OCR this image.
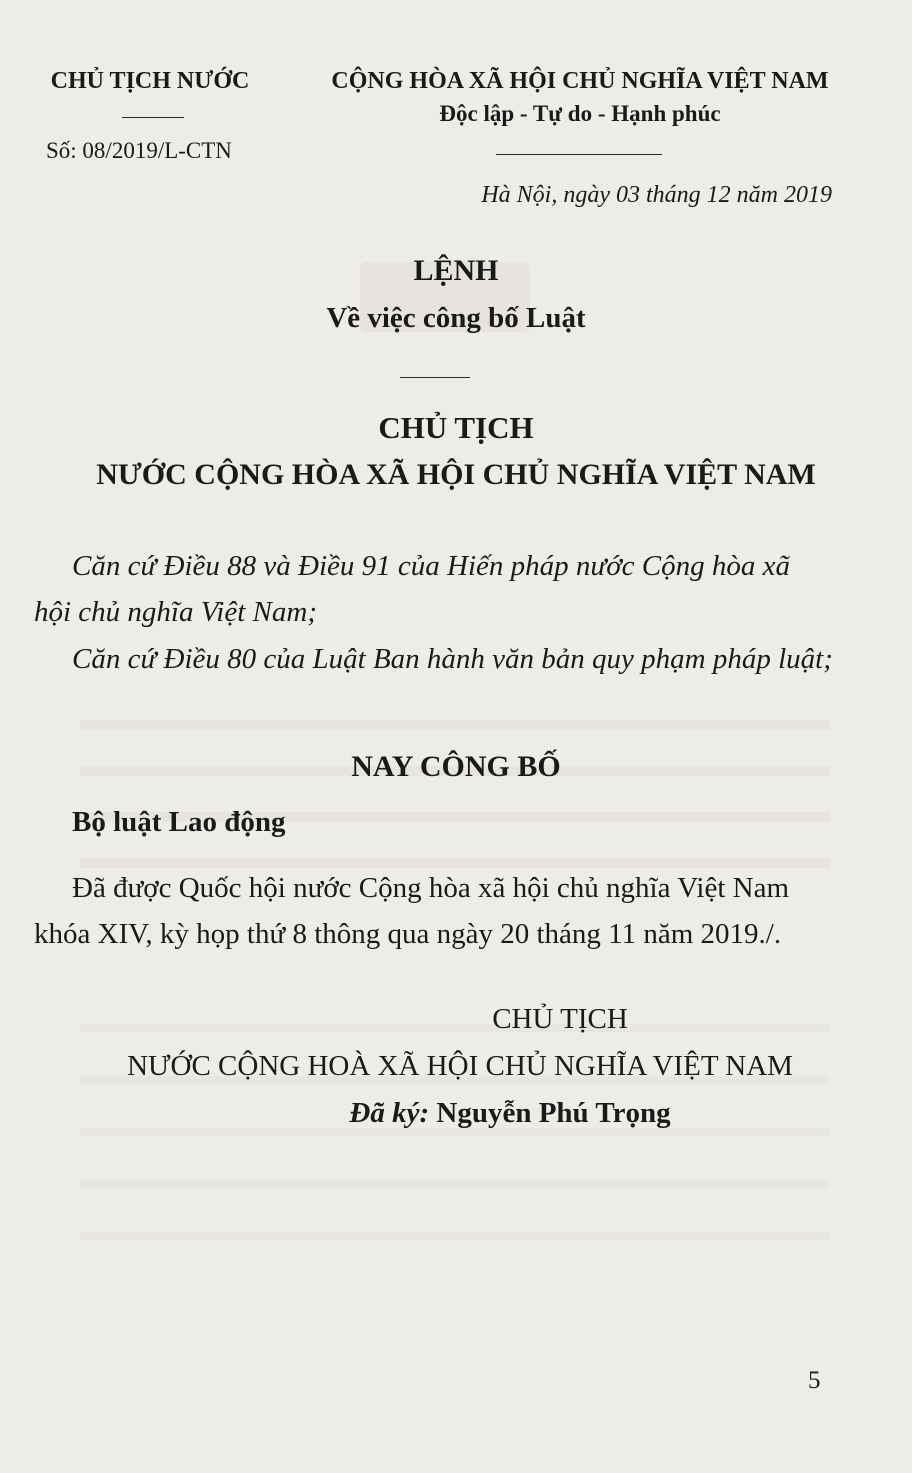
CHỦ TỊCH NƯỚC
Số: 08/2019/L-CTN
CỘNG HÒA XÃ HỘI CHỦ NGHĨA VIỆT NAM
Độc lập - Tự do - Hạnh phúc
Hà Nội, ngày 03 tháng 12 năm 2019
LỆNH
Về việc công bố Luật
CHỦ TỊCH
NƯỚC CỘNG HÒA XÃ HỘI CHỦ NGHĨA VIỆT NAM
Căn cứ Điều 88 và Điều 91 của Hiến pháp nước Cộng hòa xã hội chủ nghĩa Việt Nam;
Căn cứ Điều 80 của Luật Ban hành văn bản quy phạm pháp luật;
NAY CÔNG BỐ
Bộ luật Lao động
Đã được Quốc hội nước Cộng hòa xã hội chủ nghĩa Việt Nam khóa XIV, kỳ họp thứ 8 thông qua ngày 20 tháng 11 năm 2019./.
CHỦ TỊCH
NƯỚC CỘNG HOÀ XÃ HỘI CHỦ NGHĨA VIỆT NAM
Đã ký: Nguyễn Phú Trọng
5
